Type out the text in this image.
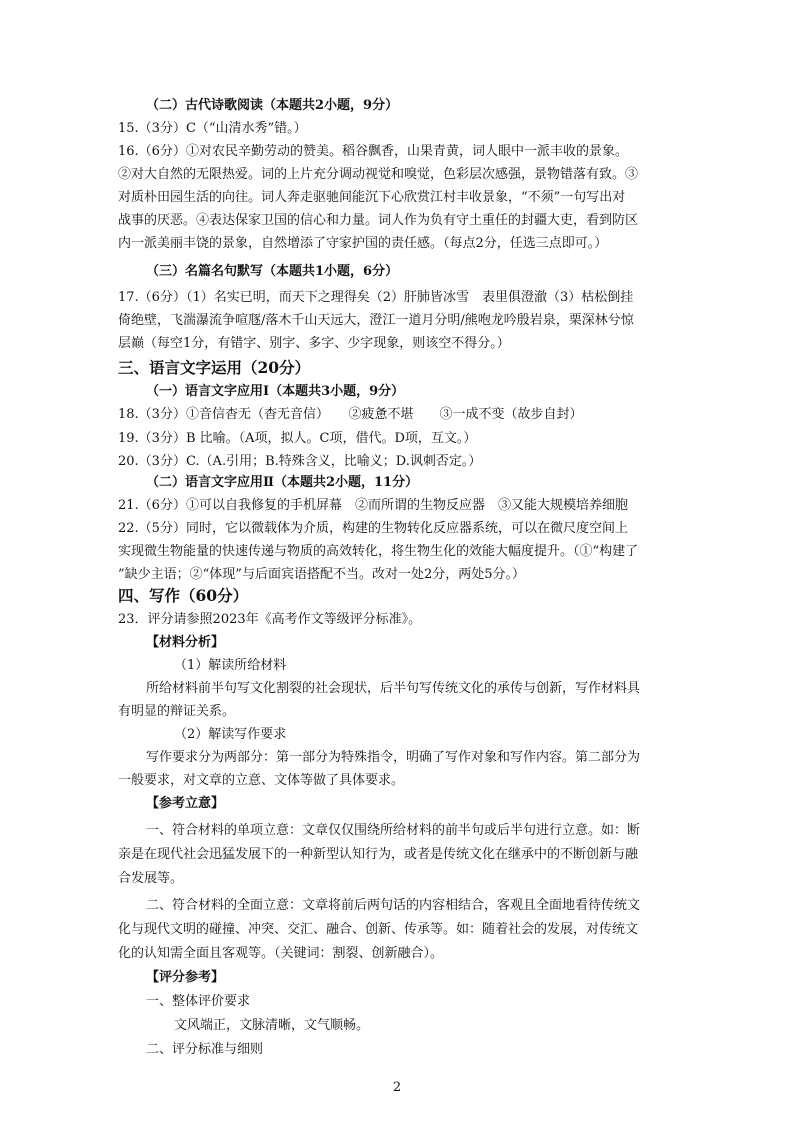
（二）古代诗歌阅读（本题共2小题，9分）
15.（3分）C（“山清水秀”错。）
16.（6分）①对农民辛勤劳动的赞美。稻谷飘香，山果青黄，词人眼中一派丰收的景象。
②对大自然的无限热爱。词的上片充分调动视觉和嗅觉，色彩层次感强，景物错落有致。③
对质朴田园生活的向往。词人奔走驱驰间能沉下心欣赏江村丰收景象，“不须”一句写出对
战事的厌恶。④表达保家卫国的信心和力量。词人作为负有守土重任的封疆大吏，看到防区
内一派美丽丰饶的景象，自然增添了守家护国的责任感。（每点2分，任选三点即可。）
（三）名篇名句默写（本题共1小题，6分）
17.（6分）（1）名实已明，而天下之理得矣（2）肝肺皆冰雪　表里俱澄澈（3）枯松倒挂
倚绝壁，飞湍瀑流争喧豗/落木千山天远大，澄江一道月分明/熊咆龙吟殷岩泉，栗深林兮惊
层巅（每空1分，有错字、别字、多字、少字现象，则该空不得分。）
三、语言文字运用（20分）
（一）语言文字应用Ⅰ（本题共3小题，9分）
18.（3分）①音信杳无（杳无音信）　　②疲惫不堪　　③一成不变（故步自封）
19.（3分）B 比喻。（A项，拟人。C项，借代。D项，互文。）
20.（3分）C.（A.引用；B.特殊含义，比喻义；D.讽刺否定。）
（二）语言文字应用Ⅱ（本题共2小题，11分）
21.（6分）①可以自我修复的手机屏幕　②而所谓的生物反应器　③又能大规模培养细胞
22.（5分）同时，它以微载体为介质，构建的生物转化反应器系统，可以在微尺度空间上
实现微生物能量的快速传递与物质的高效转化，将生物生化的效能大幅度提升。（①“构建了
”缺少主语；②“体现”与后面宾语搭配不当。改对一处2分，两处5分。）
四、写作（60分）
23．评分请参照2023年《高考作文等级评分标准》。
【材料分析】
（1）解读所给材料
所给材料前半句写文化割裂的社会现状，后半句写传统文化的承传与创新，写作材料具
有明显的辩证关系。
（2）解读写作要求
写作要求分为两部分：第一部分为特殊指令，明确了写作对象和写作内容。第二部分为
一般要求，对文章的立意、文体等做了具体要求。
【参考立意】
一、符合材料的单项立意：文章仅仅围绕所给材料的前半句或后半句进行立意。如：断
亲是在现代社会迅猛发展下的一种新型认知行为，或者是传统文化在继承中的不断创新与融
合发展等。
二、符合材料的全面立意：文章将前后两句话的内容相结合，客观且全面地看待传统文
化与现代文明的碰撞、冲突、交汇、融合、创新、传承等。如：随着社会的发展，对传统文
化的认知需全面且客观等。（关键词：割裂、创新融合）。
【评分参考】
一、整体评价要求
文风端正，文脉清晰，文气顺畅。
二、评分标准与细则
2
